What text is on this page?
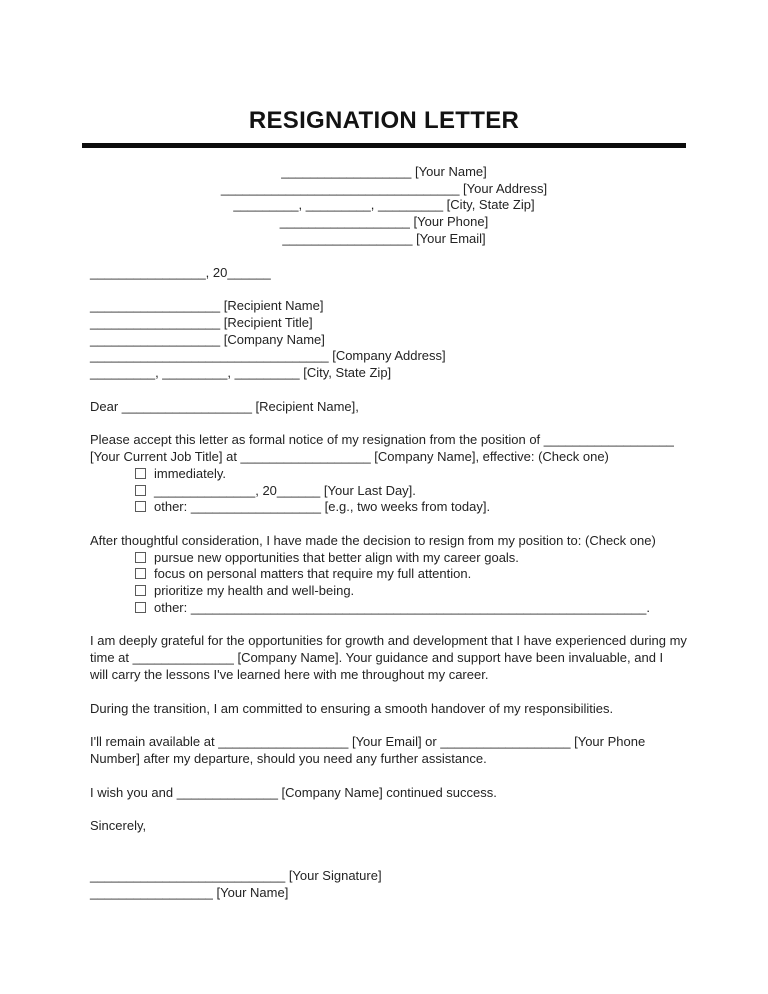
RESIGNATION LETTER
__________________ [Your Name]
_________________________________ [Your Address]
_________, _________, _________ [City, State Zip]
__________________ [Your Phone]
__________________ [Your Email]
________________, 20______
__________________ [Recipient Name]
__________________ [Recipient Title]
__________________ [Company Name]
_________________________________ [Company Address]
_________, _________, _________ [City, State Zip]
Dear __________________ [Recipient Name],
Please accept this letter as formal notice of my resignation from the position of __________________
[Your Current Job Title] at __________________ [Company Name], effective: (Check one)
immediately.
______________, 20______ [Your Last Day].
other: __________________ [e.g., two weeks from today].
After thoughtful consideration, I have made the decision to resign from my position to: (Check one)
pursue new opportunities that better align with my career goals.
focus on personal matters that require my full attention.
prioritize my health and well-being.
other: _______________________________________________________________.
I am deeply grateful for the opportunities for growth and development that I have experienced during my
time at ______________ [Company Name]. Your guidance and support have been invaluable, and I
will carry the lessons I've learned here with me throughout my career.
During the transition, I am committed to ensuring a smooth handover of my responsibilities.
I'll remain available at __________________ [Your Email] or __________________ [Your Phone
Number] after my departure, should you need any further assistance.
I wish you and ______________ [Company Name] continued success.
Sincerely,
___________________________ [Your Signature]
_________________ [Your Name]
